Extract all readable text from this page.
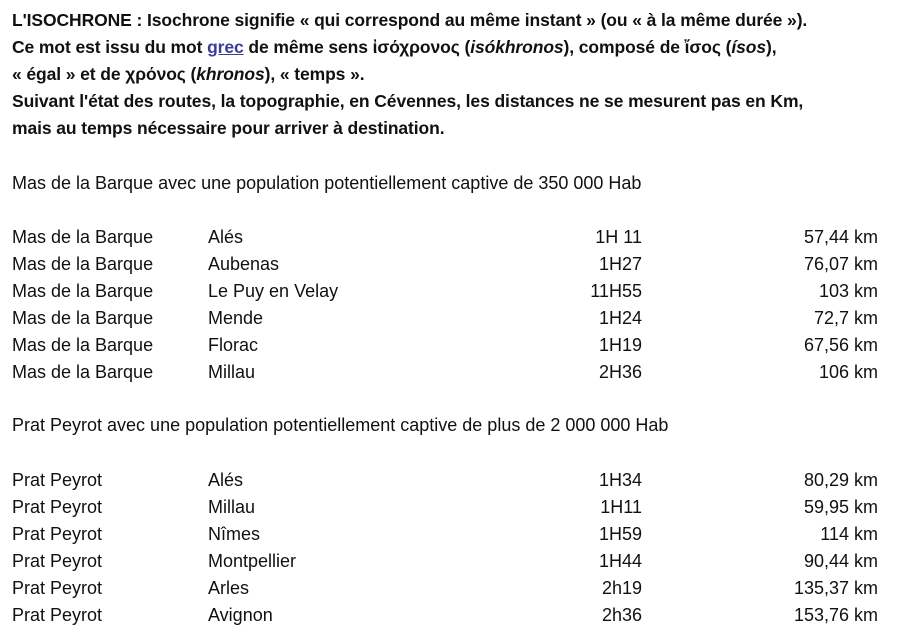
L'ISOCHRONE : Isochrone signifie « qui correspond au même instant » (ou « à la même durée »).
Ce mot est issu du mot grec de même sens ἰσόχρονος (isókhronos), composé de ἴσος (ísos),
« égal » et de χρόνος (khronos), « temps ».
Suivant l'état des routes, la topographie, en Cévennes, les distances ne se mesurent pas en Km,
mais au temps nécessaire pour arriver à destination.
Mas de la Barque avec une population potentiellement captive de 350 000 Hab
Mas de la Barque	Alés	1H 11	57,44 km
Mas de la Barque	Aubenas	1H27	76,07 km
Mas de la Barque	Le Puy en Velay	11H55	103 km
Mas de la Barque	Mende	1H24	72,7 km
Mas de la Barque	Florac	1H19	67,56 km
Mas de la Barque	Millau	2H36	106 km
Prat Peyrot avec une population potentiellement captive de plus de 2 000 000 Hab
Prat Peyrot	Alés	1H34	80,29 km
Prat Peyrot	Millau	1H11	59,95 km
Prat Peyrot	Nîmes	1H59	114 km
Prat Peyrot	Montpellier	1H44	90,44 km
Prat Peyrot	Arles	2h19	135,37 km
Prat Peyrot	Avignon	2h36	153,76 km
